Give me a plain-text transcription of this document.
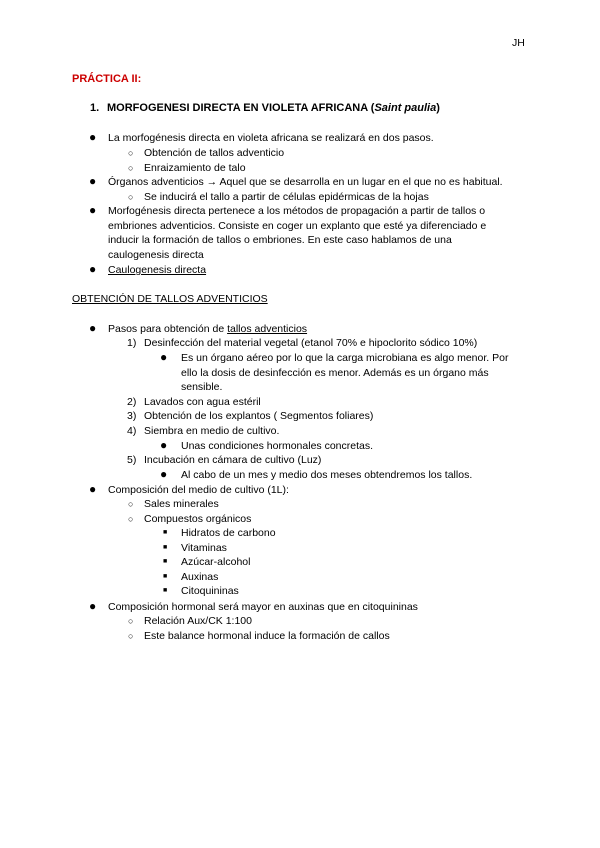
JH
PRÁCTICA II:
1. MORFOGENESI DIRECTA EN VIOLETA AFRICANA (Saint paulia)
● La morfogénesis directa en violeta africana se realizará en dos pasos.
○ Obtención de tallos adventicio
○ Enraizamiento de talo
● Órganos adventicios → Aquel que se desarrolla en un lugar en el que no es habitual.
○ Se inducirá el tallo a partir de células epidérmicas de la hojas
● Morfogénesis directa pertenece a los métodos de propagación a partir de tallos o
embriones adventicios. Consiste en coger un explanto que esté ya diferenciado e
inducir la formación de tallos o embriones. En este caso hablamos de una
caulogenesis directa
● Caulogenesis directa
OBTENCIÓN DE TALLOS ADVENTICIOS
● Pasos para obtención de tallos adventicios
1) Desinfección del material vegetal (etanol 70% e hipoclorito sódico 10%)
● Es un órgano aéreo por lo que la carga microbiana es algo menor. Por
ello la dosis de desinfección es menor. Además es un órgano más
sensible.
2) Lavados con agua estéril
3) Obtención de los explantos ( Segmentos foliares)
4) Siembra en medio de cultivo.
● Unas condiciones hormonales concretas.
5) Incubación en cámara de cultivo (Luz)
● Al cabo de un mes y medio dos meses obtendremos los tallos.
● Composición del medio de cultivo (1L):
○ Sales minerales
○ Compuestos orgánicos
■ Hidratos de carbono
■ Vitaminas
■ Azúcar-alcohol
■ Auxinas
■ Citoquininas
● Composición hormonal será mayor en auxinas que en citoquininas
○ Relación Aux/CK 1:100
○ Este balance hormonal induce la formación de callos
